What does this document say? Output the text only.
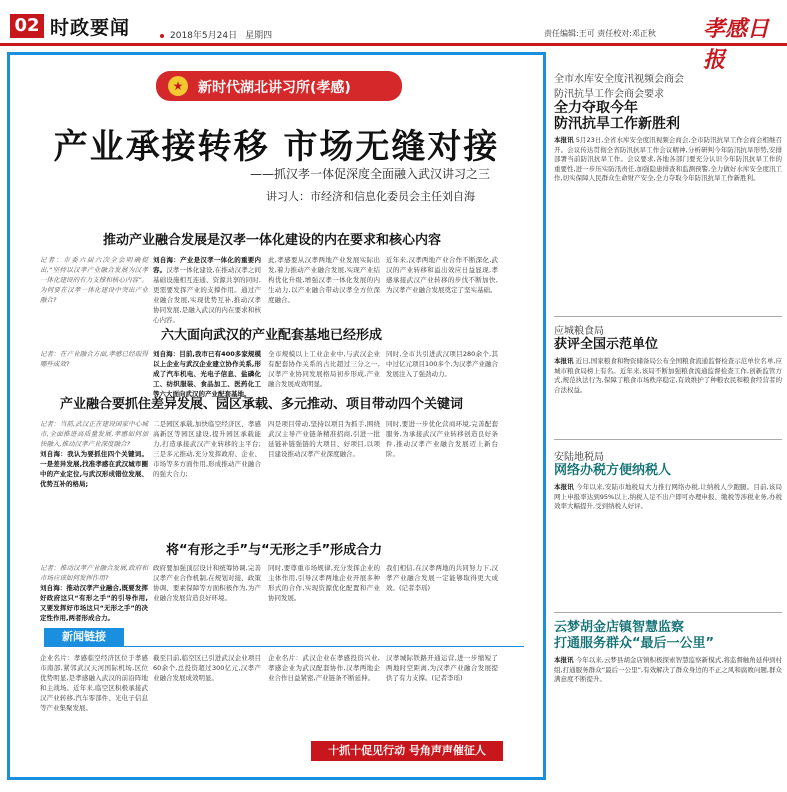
02 时政要闻	2018年5月24日 星期四	责任编辑:王可 责任校对:邓正秋 孝感日报
★	新时代湖北讲习所(孝感)
产业承接转移 市场无缝对接
——抓汉孝一体促深度全面融入武汉讲习之三
讲习人：市经济和信息化委员会主任刘自海
推动产业融合发展是汉孝一体化建设的内在要求和核心内容
记者：市委六届六次全会明确提出,“坚持以汉孝产业融合发展为汉孝一体化建设的有力支撑和核心内容”。为何要在汉孝一体化建设中突出产业融合?
刘自海：产业是汉孝一体化的重要内容。汉孝一体化建设,在推动汉孝之间基础设施相互连通、资源共享的同时,更需要发挥产业的支撑作用。通过产业融合发展,实现优势互补,推动汉孝协同发展,是融入武汉的内在要求和核心内容。
此,孝感要从汉孝两地产业发展实际出发,着力推动产业融合发展,实现产业结构优化升级,增强汉孝一体化发展的内生动力,以产业融合带动汉孝全方位深度融合。
近年来,汉孝两地产业合作不断深化,武汉的产业转移和溢出效应日益显现,孝感承接武汉产业转移的步伐不断加快,为汉孝产业融合发展奠定了坚实基础。
六大面向武汉的产业配套基地已经形成
记者：在产业融合方面,孝感已经取得哪些成效?
刘自海：目前,我市已有400多家规模以上企业与武汉企业建立协作关系,形成了汽车机电、光电子信息、盐磷化工、纺织服装、食品加工、医药化工等六大面向武汉的产业配套基地。
全市规模以上工业企业中,与武汉企业有配套协作关系的占比超过三分之一,汉孝产业协同发展格局初步形成,产业融合发展成效明显。
同时,全市共引进武汉项目280余个,其中过亿元项目100多个,为汉孝产业融合发展注入了强劲动力。
产业融合要抓住差异发展、园区承载、多元推动、项目带动四个关键词
记者：当前,武汉正在建设国家中心城市,全面推进高质量发展,孝感如何加快融入,推动汉孝产业深度融合?
刘自海：我认为要抓住四个关键词。一是差异发展,找准孝感在武汉城市圈中的产业定位,与武汉形成错位发展、优势互补的格局;
二是园区承载,加快临空经济区、孝感高新区等园区建设,提升园区承载能力,打造承接武汉产业转移的主平台;三是多元推动,充分发挥政府、企业、市场等多方面作用,形成推动产业融合的强大合力;
四是项目带动,坚持以项目为抓手,围绕武汉主导产业链条精准招商,引进一批延链补链强链的大项目、好项目,以项目建设推动汉孝产业深度融合。
同时,要进一步优化营商环境,完善配套服务,为承接武汉产业转移创造良好条件,推动汉孝产业融合发展迈上新台阶。
将“有形之手”与“无形之手”形成合力
记者：推动汉孝产业融合发展,政府和市场应该如何发挥作用?
刘自海：推动汉孝产业融合,既要发挥好政府这只“有形之手”的引导作用,又要发挥好市场这只“无形之手”的决定性作用,两者形成合力。
政府要加强顶层设计和统筹协调,完善汉孝产业合作机制,在规划对接、政策协调、要素保障等方面积极作为,为产业融合发展营造良好环境。
同时,要尊重市场规律,充分发挥企业的主体作用,引导汉孝两地企业开展多种形式的合作,实现资源优化配置和产业协同发展。
我们相信,在汉孝两地的共同努力下,汉孝产业融合发展一定能够取得更大成效。(记者李瑶)
新闻链接
企业名片：孝感临空经济区位于孝感市南部,紧邻武汉天河国际机场,区位优势明显,是孝感融入武汉的前沿阵地和主战场。近年来,临空区积极承接武汉产业转移,汽车零部件、光电子信息等产业集聚发展。
截至目前,临空区已引进武汉企业项目60余个,总投资超过300亿元,汉孝产业融合发展成效明显。
企业名片：武汉企业在孝感投资兴业,孝感企业为武汉配套协作,汉孝两地企业合作日益紧密,产业链条不断延伸。
汉孝城际铁路开通运营,进一步缩短了两地时空距离,为汉孝产业融合发展提供了有力支撑。(记者李瑶)
十抓十促见行动 号角声声催征人
全市水库安全度汛视频会商会
防汛抗旱工作会商会要求
全力夺取今年
防汛抗旱工作新胜利
本报讯 5月23日,全省水库安全度汛视频会商会,全市防汛抗旱工作会商会相继召开。会议传达贯彻全省防汛抗旱工作会议精神,分析研判今年防汛抗旱形势,安排部署当前防汛抗旱工作。会议要求,各地各部门要充分认识今年防汛抗旱工作的重要性,进一步压实防汛责任,加强隐患排查和监测预警,全力做好水库安全度汛工作,切实保障人民群众生命财产安全,全力夺取今年防汛抗旱工作新胜利。
应城粮食局
获评全国示范单位
本报讯 近日,国家粮食和物资储备局公布全国粮食流通监督检查示范单位名单,应城市粮食局榜上有名。近年来,该局不断加强粮食流通监督检查工作,创新监管方式,规范执法行为,保障了粮食市场秩序稳定,有效维护了种粮农民和粮食经营者的合法权益。
安陆地税局
网络办税方便纳税人
本报讯 今年以来,安陆市地税局大力推行网络办税,让纳税人少跑腿。目前,该局网上申报率达到95%以上,纳税人足不出户即可办理申报、缴税等涉税业务,办税效率大幅提升,受到纳税人好评。
云梦胡金店镇智慧监察
打通服务群众“最后一公里”
本报讯 今年以来,云梦县胡金店镇积极探索智慧监察新模式,将监督触角延伸到村组,打通服务群众“最后一公里”,有效解决了群众身边的不正之风和腐败问题,群众满意度不断提升。
